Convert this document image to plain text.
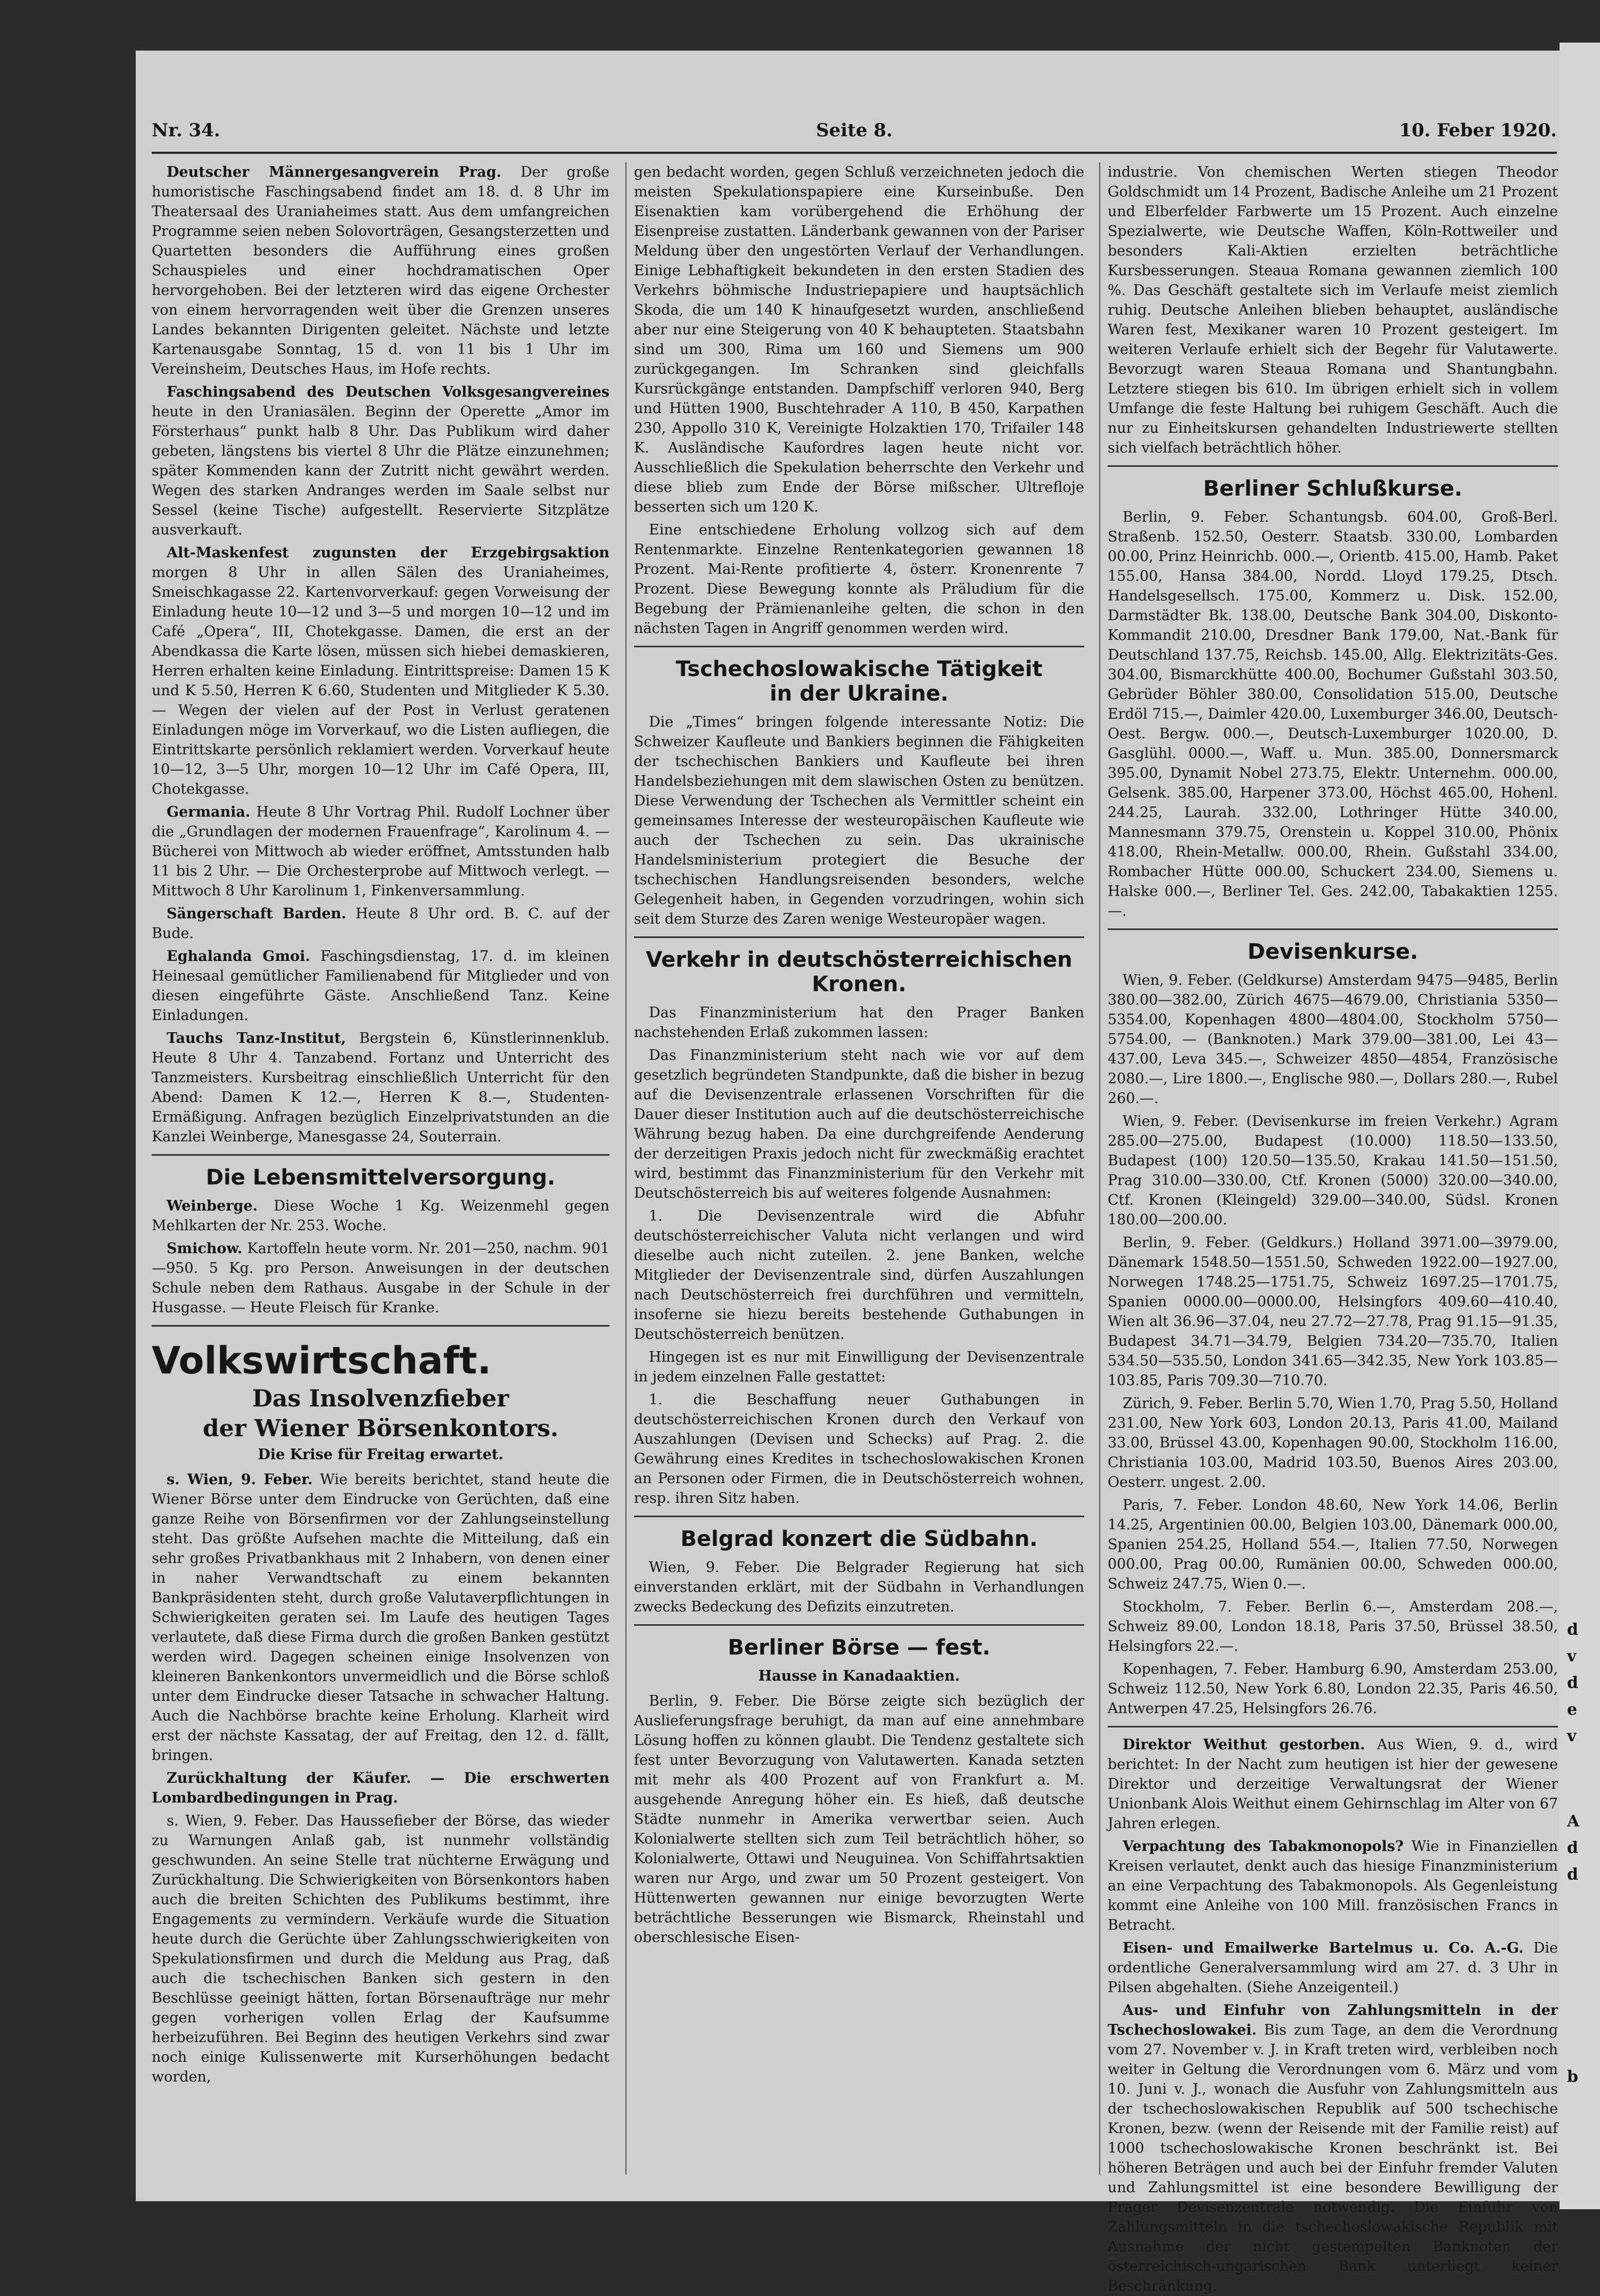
Nr. 34.	Seite 8.	10. Feber 1920.

Deutscher Männergesangverein Prag. Der große humoristische Faschingsabend findet am 18. d. 8 Uhr im Theatersaal des Uraniaheimes statt. Aus dem umfangreichen Programme seien neben Solovorträgen, Gesangsterzetten und Quartetten besonders die Aufführung eines großen Schauspieles und einer hochdramatischen Oper hervorgehoben. Bei der letzteren wird das eigene Orchester von einem hervorragenden weit über die Grenzen unseres Landes bekannten Dirigenten geleitet. Nächste und letzte Kartenausgabe Sonntag, 15 d. von 11 bis 1 Uhr im Vereinsheim, Deutsches Haus, im Hofe rechts.

Faschingsabend des Deutschen Volksgesangvereines heute in den Uraniasälen. Beginn der Operette „Amor im Försterhaus“ punkt halb 8 Uhr. Das Publikum wird daher gebeten, längstens bis viertel 8 Uhr die Plätze einzunehmen; später Kommenden kann der Zutritt nicht gewährt werden. Wegen des starken Andranges werden im Saale selbst nur Sessel (keine Tische) aufgestellt. Reservierte Sitzplätze ausverkauft.

Alt-Maskenfest zugunsten der Erzgebirgsaktion morgen 8 Uhr in allen Sälen des Uraniaheimes, Smeischkagasse 22. Kartenvorverkauf: gegen Vorweisung der Einladung heute 10—12 und 3—5 und morgen 10—12 und im Café „Opera“, III, Chotekgasse. Damen, die erst an der Abendkassa die Karte lösen, müssen sich hiebei demaskieren, Herren erhalten keine Einladung. Eintrittspreise: Damen 15 K und K 5.50, Herren K 6.60, Studenten und Mitglieder K 5.30. — Wegen der vielen auf der Post in Verlust geratenen Einladungen möge im Vorverkauf, wo die Listen aufliegen, die Eintrittskarte persönlich reklamiert werden. Vorverkauf heute 10—12, 3—5 Uhr, morgen 10—12 Uhr im Café Opera, III, Chotekgasse.

Germania. Heute 8 Uhr Vortrag Phil. Rudolf Lochner über die „Grundlagen der modernen Frauenfrage“, Karolinum 4. — Bücherei von Mittwoch ab wieder eröffnet, Amtsstunden halb 11 bis 2 Uhr. — Die Orchesterprobe auf Mittwoch verlegt. — Mittwoch 8 Uhr Karolinum 1, Finkenversammlung.

Sängerschaft Barden. Heute 8 Uhr ord. B. C. auf der Bude.

Eghalanda Gmoi. Faschingsdienstag, 17. d. im kleinen Heinesaal gemütlicher Familienabend für Mitglieder und von diesen eingeführte Gäste. Anschließend Tanz. Keine Einladungen.

Tauchs Tanz-Institut, Bergstein 6, Künstlerinnenklub. Heute 8 Uhr 4. Tanzabend. Fortanz und Unterricht des Tanzmeisters. Kursbeitrag einschließlich Unterricht für den Abend: Damen K 12.—, Herren K 8.—, Studenten-Ermäßigung. Anfragen bezüglich Einzelprivatstunden an die Kanzlei Weinberge, Manesgasse 24, Souterrain.

Die Lebensmittelversorgung.

Weinberge. Diese Woche 1 Kg. Weizenmehl gegen Mehlkarten der Nr. 253. Woche.

Smichow. Kartoffeln heute vorm. Nr. 201—250, nachm. 901—950. 5 Kg. pro Person. Anweisungen in der deutschen Schule neben dem Rathaus. Ausgabe in der Schule in der Husgasse. — Heute Fleisch für Kranke.

Volkswirtschaft.
Das Insolvenzfieber
der Wiener Börsenkontors.
Die Krise für Freitag erwartet.

s. Wien, 9. Feber. Wie bereits berichtet, stand heute die Wiener Börse unter dem Eindrucke von Gerüchten, daß eine ganze Reihe von Börsenfirmen vor der Zahlungseinstellung steht. Das größte Aufsehen machte die Mitteilung, daß ein sehr großes Privatbankhaus mit 2 Inhabern, von denen einer in naher Verwandtschaft zu einem bekannten Bankpräsidenten steht, durch große Valutaverpflichtungen in Schwierigkeiten geraten sei. Im Laufe des heutigen Tages verlautete, daß diese Firma durch die großen Banken gestützt werden wird. Dagegen scheinen einige Insolvenzen von kleineren Bankenkontors unvermeidlich und die Börse schloß unter dem Eindrucke dieser Tatsache in schwacher Haltung. Auch die Nachbörse brachte keine Erholung. Klarheit wird erst der nächste Kassatag, der auf Freitag, den 12. d. fällt, bringen.

Zurückhaltung der Käufer. — Die erschwerten Lombardbedingungen in Prag.

s. Wien, 9. Feber. Das Haussefieber der Börse, das wieder zu Warnungen Anlaß gab, ist nunmehr vollständig geschwunden. An seine Stelle trat nüchterne Erwägung und Zurückhaltung. Die Schwierigkeiten von Börsenkontors haben auch die breiten Schichten des Publikums bestimmt, ihre Engagements zu vermindern. Verkäufe wurde die Situation heute durch die Gerüchte über Zahlungsschwierigkeiten von Spekulationsfirmen und durch die Meldung aus Prag, daß auch die tschechischen Banken sich gestern in den Beschlüsse geeinigt hätten, fortan Börsenaufträge nur mehr gegen vorherigen vollen Erlag der Kaufsumme herbeizuführen. Bei Beginn des heutigen Verkehrs sind zwar noch einige Kulissenwerte mit Kurserhöhungen bedacht worden,

gen bedacht worden, gegen Schluß verzeichneten jedoch die meisten Spekulationspapiere eine Kurseinbuße. Den Eisenaktien kam vorübergehend die Erhöhung der Eisenpreise zustatten. Länderbank gewannen von der Pariser Meldung über den ungestörten Verlauf der Verhandlungen. Einige Lebhaftigkeit bekundeten in den ersten Stadien des Verkehrs böhmische Industriepapiere und hauptsächlich Skoda, die um 140 K hinaufgesetzt wurden, anschließend aber nur eine Steigerung von 40 K behaupteten. Staatsbahn sind um 300, Rima um 160 und Siemens um 900 zurückgegangen. Im Schranken sind gleichfalls Kursrückgänge entstanden. Dampfschiff verloren 940, Berg und Hütten 1900, Buschtehrader A 110, B 450, Karpathen 230, Appollo 310 K, Vereinigte Holzaktien 170, Trifailer 148 K. Ausländische Kaufordres lagen heute nicht vor. Ausschließlich die Spekulation beherrschte den Verkehr und diese blieb zum Ende der Börse mißscher. Ultrefloje besserten sich um 120 K.

Eine entschiedene Erholung vollzog sich auf dem Rentenmarkte. Einzelne Rentenkategorien gewannen 18 Prozent. Mai-Rente profitierte 4, österr. Kronenrente 7 Prozent. Diese Bewegung konnte als Präludium für die Begebung der Prämienanleihe gelten, die schon in den nächsten Tagen in Angriff genommen werden wird.

Tschechoslowakische Tätigkeit
in der Ukraine.

Die „Times“ bringen folgende interessante Notiz: Die Schweizer Kaufleute und Bankiers beginnen die Fähigkeiten der tschechischen Bankiers und Kaufleute bei ihren Handelsbeziehungen mit dem slawischen Osten zu benützen. Diese Verwendung der Tschechen als Vermittler scheint ein gemeinsames Interesse der westeuropäischen Kaufleute wie auch der Tschechen zu sein. Das ukrainische Handelsministerium protegiert die Besuche der tschechischen Handlungsreisenden besonders, welche Gelegenheit haben, in Gegenden vorzudringen, wohin sich seit dem Sturze des Zaren wenige Westeuropäer wagen.

Verkehr in deutschösterreichischen Kronen.

Das Finanzministerium hat den Prager Banken nachstehenden Erlaß zukommen lassen:

Das Finanzministerium steht nach wie vor auf dem gesetzlich begründeten Standpunkte, daß die bisher in bezug auf die Devisenzentrale erlassenen Vorschriften für die Dauer dieser Institution auch auf die deutschösterreichische Währung bezug haben. Da eine durchgreifende Aenderung der derzeitigen Praxis jedoch nicht für zweckmäßig erachtet wird, bestimmt das Finanzministerium für den Verkehr mit Deutschösterreich bis auf weiteres folgende Ausnahmen:

1. Die Devisenzentrale wird die Abfuhr deutschösterreichischer Valuta nicht verlangen und wird dieselbe auch nicht zuteilen. 2. jene Banken, welche Mitglieder der Devisenzentrale sind, dürfen Auszahlungen nach Deutschösterreich frei durchführen und vermitteln, insoferne sie hiezu bereits bestehende Guthabungen in Deutschösterreich benützen.

Hingegen ist es nur mit Einwilligung der Devisenzentrale in jedem einzelnen Falle gestattet:

1. die Beschaffung neuer Guthabungen in deutschösterreichischen Kronen durch den Verkauf von Auszahlungen (Devisen und Schecks) auf Prag. 2. die Gewährung eines Kredites in tschechoslowakischen Kronen an Personen oder Firmen, die in Deutschösterreich wohnen, resp. ihren Sitz haben.

Belgrad konzert die Südbahn.

Wien, 9. Feber. Die Belgrader Regierung hat sich einverstanden erklärt, mit der Südbahn in Verhandlungen zwecks Bedeckung des Defizits einzutreten.

Berliner Börse — fest.
Hausse in Kanadaaktien.

Berlin, 9. Feber. Die Börse zeigte sich bezüglich der Auslieferungsfrage beruhigt, da man auf eine annehmbare Lösung hoffen zu können glaubt. Die Tendenz gestaltete sich fest unter Bevorzugung von Valutawerten. Kanada setzten mit mehr als 400 Prozent auf von Frankfurt a. M. ausgehende Anregung höher ein. Es hieß, daß deutsche Städte nunmehr in Amerika verwertbar seien. Auch Kolonialwerte stellten sich zum Teil beträchtlich höher, so Kolonialwerte, Ottawi und Neuguinea. Von Schiffahrtsaktien waren nur Argo, und zwar um 50 Prozent gesteigert. Von Hüttenwerten gewannen nur einige bevorzugten Werte beträchtliche Besserungen wie Bismarck, Rheinstahl und oberschlesische Eisen-

industrie. Von chemischen Werten stiegen Theodor Goldschmidt um 14 Prozent, Badische Anleihe um 21 Prozent und Elberfelder Farbwerte um 15 Prozent. Auch einzelne Spezialwerte, wie Deutsche Waffen, Köln-Rottweiler und besonders Kali-Aktien erzielten beträchtliche Kursbesserungen. Steaua Romana gewannen ziemlich 100 %. Das Geschäft gestaltete sich im Verlaufe meist ziemlich ruhig. Deutsche Anleihen blieben behauptet, ausländische Waren fest, Mexikaner waren 10 Prozent gesteigert. Im weiteren Verlaufe erhielt sich der Begehr für Valutawerte. Bevorzugt waren Steaua Romana und Shantungbahn. Letztere stiegen bis 610. Im übrigen erhielt sich in vollem Umfange die feste Haltung bei ruhigem Geschäft. Auch die nur zu Einheitskursen gehandelten Industriewerte stellten sich vielfach beträchtlich höher.

Berliner Schlußkurse.

Berlin, 9. Feber. Schantungsb. 604.00, Groß-Berl. Straßenb. 152.50, Oesterr. Staatsb. 330.00, Lombarden 00.00, Prinz Heinrichb. 000.—, Orientb. 415.00, Hamb. Paket 155.00, Hansa 384.00, Nordd. Lloyd 179.25, Dtsch. Handelsgesellsch. 175.00, Kommerz u. Disk. 152.00, Darmstädter Bk. 138.00, Deutsche Bank 304.00, Diskonto-Kommandit 210.00, Dresdner Bank 179.00, Nat.-Bank für Deutschland 137.75, Reichsb. 145.00, Allg. Elektrizitäts-Ges. 304.00, Bismarckhütte 400.00, Bochumer Gußstahl 303.50, Gebrüder Böhler 380.00, Consolidation 515.00, Deutsche Erdöl 715.—, Daimler 420.00, Luxemburger 346.00, Deutsch-Oest. Bergw. 000.—, Deutsch-Luxemburger 1020.00, D. Gasglühl. 0000.—, Waff. u. Mun. 385.00, Donnersmarck 395.00, Dynamit Nobel 273.75, Elektr. Unternehm. 000.00, Gelsenk. 385.00, Harpener 373.00, Höchst 465.00, Hohenl. 244.25, Laurah. 332.00, Lothringer Hütte 340.00, Mannesmann 379.75, Orenstein u. Koppel 310.00, Phönix 418.00, Rhein-Metallw. 000.00, Rhein. Gußstahl 334.00, Rombacher Hütte 000.00, Schuckert 234.00, Siemens u. Halske 000.—, Berliner Tel. Ges. 242.00, Tabakaktien 1255.—.

Devisenkurse.

Wien, 9. Feber. (Geldkurse) Amsterdam 9475—9485, Berlin 380.00—382.00, Zürich 4675—4679.00, Christiania 5350—5354.00, Kopenhagen 4800—4804.00, Stockholm 5750—5754.00, — (Banknoten.) Mark 379.00—381.00, Lei 43—437.00, Leva 345.—, Schweizer 4850—4854, Französische 2080.—, Lire 1800.—, Englische 980.—, Dollars 280.—, Rubel 260.—.

Wien, 9. Feber. (Devisenkurse im freien Verkehr.) Agram 285.00—275.00, Budapest (10.000) 118.50—133.50, Budapest (100) 120.50—135.50, Krakau 141.50—151.50, Prag 310.00—330.00, Ctf. Kronen (5000) 320.00—340.00, Ctf. Kronen (Kleingeld) 329.00—340.00, Südsl. Kronen 180.00—200.00.

Berlin, 9. Feber. (Geldkurs.) Holland 3971.00—3979.00, Dänemark 1548.50—1551.50, Schweden 1922.00—1927.00, Norwegen 1748.25—1751.75, Schweiz 1697.25—1701.75, Spanien 0000.00—0000.00, Helsingfors 409.60—410.40, Wien alt 36.96—37.04, neu 27.72—27.78, Prag 91.15—91.35, Budapest 34.71—34.79, Belgien 734.20—735.70, Italien 534.50—535.50, London 341.65—342.35, New York 103.85—103.85, Paris 709.30—710.70.

Zürich, 9. Feber. Berlin 5.70, Wien 1.70, Prag 5.50, Holland 231.00, New York 603, London 20.13, Paris 41.00, Mailand 33.00, Brüssel 43.00, Kopenhagen 90.00, Stockholm 116.00, Christiania 103.00, Madrid 103.50, Buenos Aires 203.00, Oesterr. ungest. 2.00.

Paris, 7. Feber. London 48.60, New York 14.06, Berlin 14.25, Argentinien 00.00, Belgien 103.00, Dänemark 000.00, Spanien 254.25, Holland 554.—, Italien 77.50, Norwegen 000.00, Prag 00.00, Rumänien 00.00, Schweden 000.00, Schweiz 247.75, Wien 0.—.

Stockholm, 7. Feber. Berlin 6.—, Amsterdam 208.—, Schweiz 89.00, London 18.18, Paris 37.50, Brüssel 38.50, Helsingfors 22.—.

Kopenhagen, 7. Feber. Hamburg 6.90, Amsterdam 253.00, Schweiz 112.50, New York 6.80, London 22.35, Paris 46.50, Antwerpen 47.25, Helsingfors 26.76.

Direktor Weithut gestorben. Aus Wien, 9. d., wird berichtet: In der Nacht zum heutigen ist hier der gewesene Direktor und derzeitige Verwaltungsrat der Wiener Unionbank Alois Weithut einem Gehirnschlag im Alter von 67 Jahren erlegen.

Verpachtung des Tabakmonopols? Wie in Finanziellen Kreisen verlautet, denkt auch das hiesige Finanzministerium an eine Verpachtung des Tabakmonopols. Als Gegenleistung kommt eine Anleihe von 100 Mill. französischen Francs in Betracht.

Eisen- und Emailwerke Bartelmus u. Co. A.-G. Die ordentliche Generalversammlung wird am 27. d. 3 Uhr in Pilsen abgehalten. (Siehe Anzeigenteil.)

Aus- und Einfuhr von Zahlungsmitteln in der Tschechoslowakei. Bis zum Tage, an dem die Verordnung vom 27. November v. J. in Kraft treten wird, verbleiben noch weiter in Geltung die Verordnungen vom 6. März und vom 10. Juni v. J., wonach die Ausfuhr von Zahlungsmitteln aus der tschechoslowakischen Republik auf 500 tschechische Kronen, bezw. (wenn der Reisende mit der Familie reist) auf 1000 tschechoslowakische Kronen beschränkt ist. Bei höheren Beträgen und auch bei der Einfuhr fremder Valuten und Zahlungsmittel ist eine besondere Bewilligung der Prager Devisenzentrale notwendig. Die Einfuhr von Zahlungsmitteln in die tschechoslowakische Republik mit Ausnahme der nicht gestempelten Banknoten der österreichisch-ungarischen Bank unterliegt keiner Beschränkung.

d
v
d
e
v
A
d
d
b
